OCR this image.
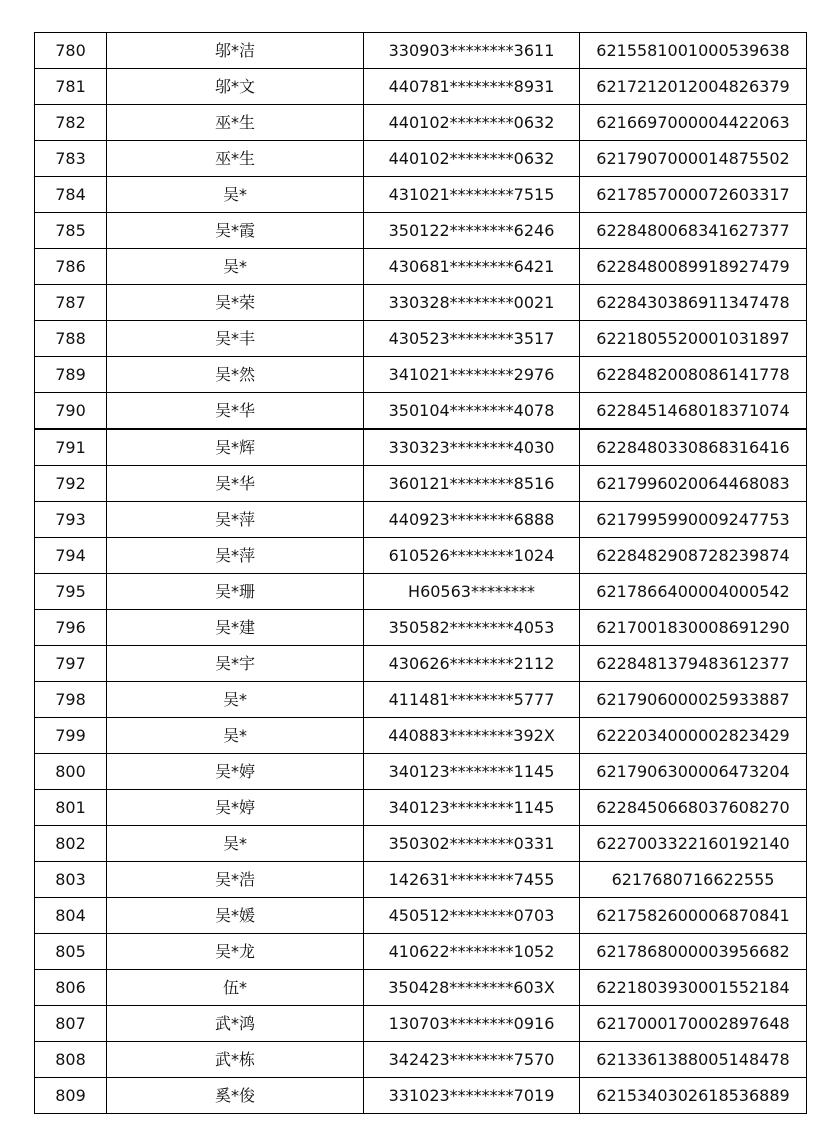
780	邬*洁	330903********3611	6215581001000539638
781	邬*文	440781********8931	6217212012004826379
782	巫*生	440102********0632	6216697000004422063
783	巫*生	440102********0632	6217907000014875502
784	吴*	431021********7515	6217857000072603317
785	吴*霞	350122********6246	6228480068341627377
786	吴*	430681********6421	6228480089918927479
787	吴*荣	330328********0021	6228430386911347478
788	吴*丰	430523********3517	6221805520001031897
789	吴*然	341021********2976	6228482008086141778
790	吴*华	350104********4078	6228451468018371074
791	吴*辉	330323********4030	6228480330868316416
792	吴*华	360121********8516	6217996020064468083
793	吴*萍	440923********6888	6217995990009247753
794	吴*萍	610526********1024	6228482908728239874
795	吴*珊	H60563********	6217866400004000542
796	吴*建	350582********4053	6217001830008691290
797	吴*宇	430626********2112	6228481379483612377
798	吴*	411481********5777	6217906000025933887
799	吴*	440883********392X	6222034000002823429
800	吴*婷	340123********1145	6217906300006473204
801	吴*婷	340123********1145	6228450668037608270
802	吴*	350302********0331	6227003322160192140
803	吴*浩	142631********7455	6217680716622555
804	吴*媛	450512********0703	6217582600006870841
805	吴*龙	410622********1052	6217868000003956682
806	伍*	350428********603X	6221803930001552184
807	武*鸿	130703********0916	6217000170002897648
808	武*栋	342423********7570	6213361388005148478
809	奚*俊	331023********7019	6215340302618536889
